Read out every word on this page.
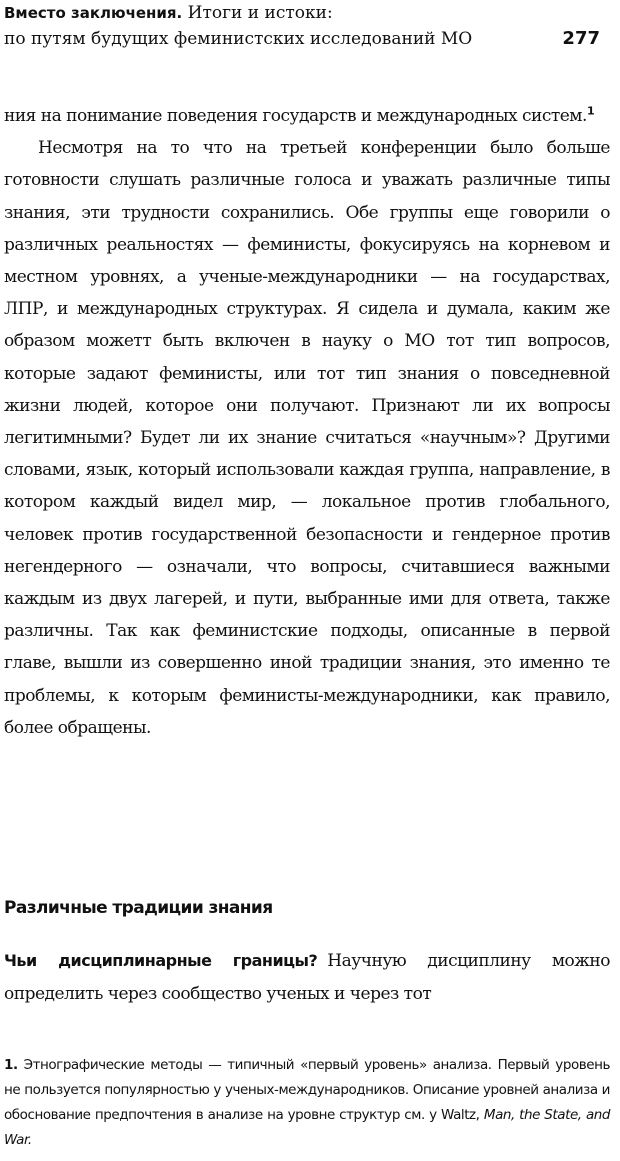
Вместо заключения. Итоги и истоки:
по путям будущих феминистских исследований МО	277

ния на понимание поведения государств и международных систем.$^1$

Несмотря на то что на третьей конференции было больше готовности слушать различные голоса и уважать различные типы знания, эти трудности сохранились. Обе группы еще говорили о различных реальностях — феминисты, фокусируясь на корневом и местном уровнях, а ученые-международники — на государствах, ЛПР, и международных структурах. Я сидела и думала, каким же образом можетт быть включен в науку о МО тот тип вопросов, которые задают феминисты, или тот тип знания о повседневной жизни людей, которое они получают. Признают ли их вопросы легитимными? Будет ли их знание считаться «научным»? Другими словами, язык, который использовали каждая группа, направление, в котором каждый видел мир, — локальное против глобального, человек против государственной безопасности и гендерное против негендерного — означали, что вопросы, считавшиеся важными каждым из двух лагерей, и пути, выбранные ими для ответа, также различны. Так как феминистские подходы, описанные в первой главе, вышли из совершенно иной традиции знания, это именно те проблемы, к которым феминисты-международники, как правило, более обращены.

Различные традиции знания
Чьи дисциплинарные границы? Научную дисциплину можно определить через сообщество ученых и через тот
1. Этнографические методы — типичный «первый уровень» анализа. Первый уровень не пользуется популярностью у ученых-международников. Описание уровней анализа и обоснование предпочтения в анализе на уровне структур см. у Waltz, Man, the State, and War.
